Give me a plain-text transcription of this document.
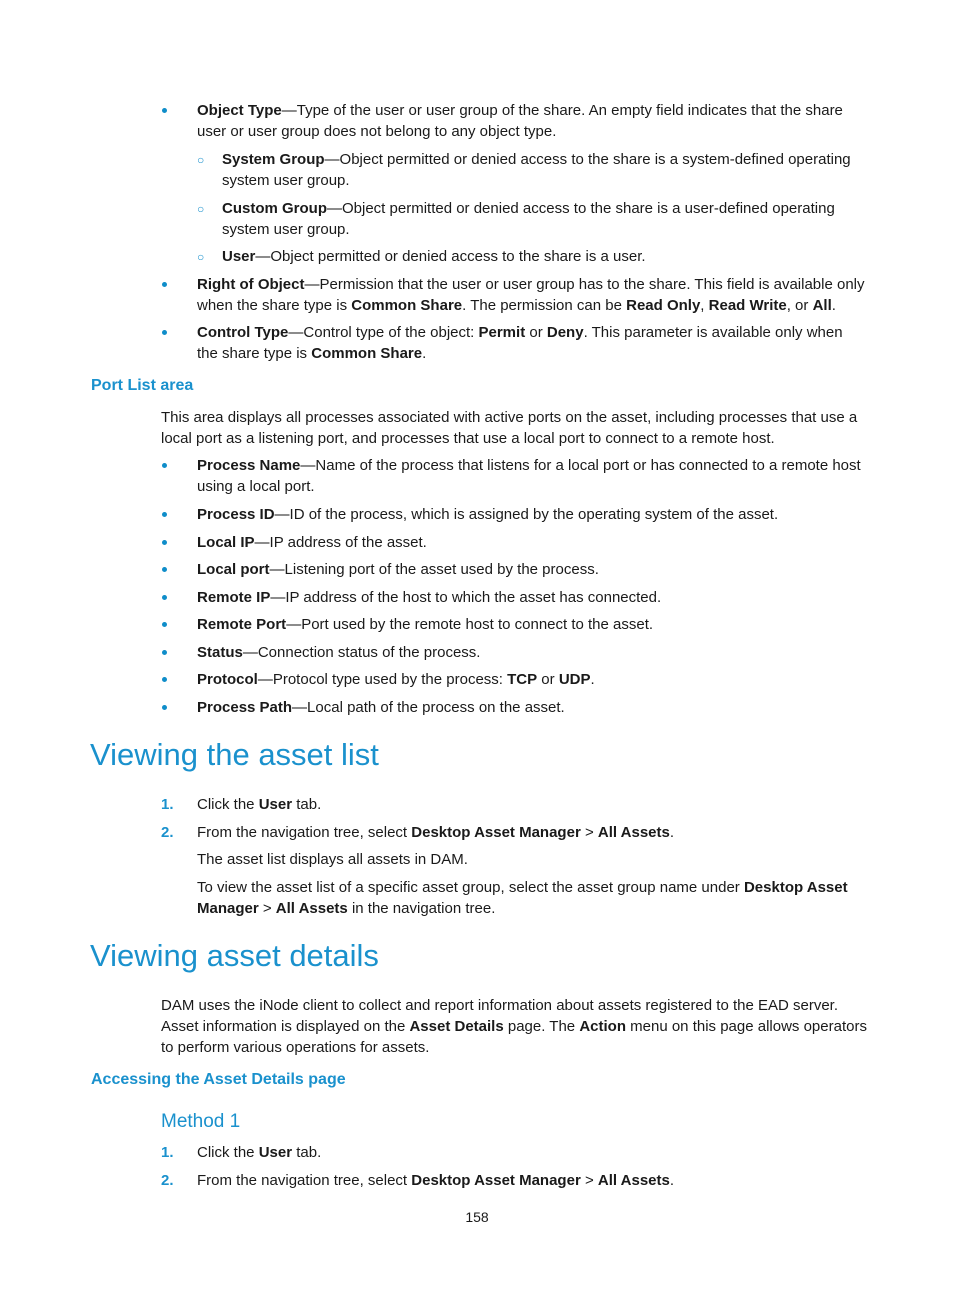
Object Type—Type of the user or user group of the share. An empty field indicates that the share user or user group does not belong to any object type.
○	System Group—Object permitted or denied access to the share is a system-defined operating system user group.
○	Custom Group—Object permitted or denied access to the share is a user-defined operating system user group.
○	User—Object permitted or denied access to the share is a user.
Right of Object—Permission that the user or user group has to the share. This field is available only when the share type is Common Share. The permission can be Read Only, Read Write, or All.
Control Type—Control type of the object: Permit or Deny. This parameter is available only when the share type is Common Share.
Port List area
This area displays all processes associated with active ports on the asset, including processes that use a local port as a listening port, and processes that use a local port to connect to a remote host.
Process Name—Name of the process that listens for a local port or has connected to a remote host using a local port.
Process ID—ID of the process, which is assigned by the operating system of the asset.
Local IP—IP address of the asset.
Local port—Listening port of the asset used by the process.
Remote IP—IP address of the host to which the asset has connected.
Remote Port—Port used by the remote host to connect to the asset.
Status—Connection status of the process.
Protocol—Protocol type used by the process: TCP or UDP.
Process Path—Local path of the process on the asset.
Viewing the asset list
1. Click the User tab.
2. From the navigation tree, select Desktop Asset Manager > All Assets.
The asset list displays all assets in DAM.
To view the asset list of a specific asset group, select the asset group name under Desktop Asset Manager > All Assets in the navigation tree.
Viewing asset details
DAM uses the iNode client to collect and report information about assets registered to the EAD server. Asset information is displayed on the Asset Details page. The Action menu on this page allows operators to perform various operations for assets.
Accessing the Asset Details page
Method 1
1. Click the User tab.
2. From the navigation tree, select Desktop Asset Manager > All Assets.
158
